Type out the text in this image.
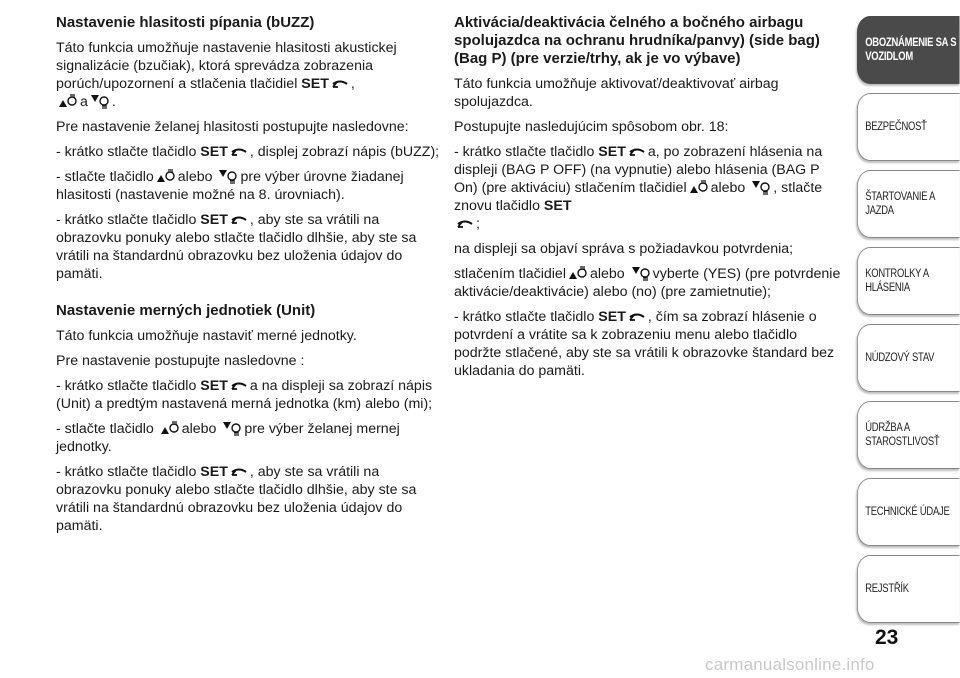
Nastavenie hlasitosti pípania (bUZZ)
Táto funkcia umožňuje nastavenie hlasitosti akustickej signalizácie (bzučiak), ktorá sprevádza zobrazenia porúch/upozornení a stlačenia tlačidiel SET ,

a .
Pre nastavenie želanej hlasitosti postupujte nasledovne:
- krátko stlačte tlačidlo SET , displej zobrazí nápis (bUZZ);
- stlačte tlačidlo alebo pre výber úrovne žiadanej hlasitosti (nastavenie možné na 8. úrovniach).
- krátko stlačte tlačidlo SET , aby ste sa vrátili na obrazovku ponuky alebo stlačte tlačidlo dlhšie, aby ste sa vrátili na štandardnú obrazovku bez uloženia údajov do pamäti.
Nastavenie merných jednotiek (Unit)
Táto funkcia umožňuje nastaviť merné jednotky.
Pre nastavenie postupujte nasledovne :
- krátko stlačte tlačidlo SET a na displeji sa zobrazí nápis (Unit) a predtým nastavená merná jednotka (km) alebo (mi);
- stlačte tlačidlo
alebo pre výber želanej mernej jednotky.
- krátko stlačte tlačidlo SET , aby ste sa vrátili na obrazovku ponuky alebo stlačte tlačidlo dlhšie, aby ste sa vrátili na štandardnú obrazovku bez uloženia údajov do pamäti.
Aktivácia/deaktivácia čelného a bočného airbagu spolujazdca na ochranu hrudníka/panvy) (side bag) (Bag P) (pre verzie/trhy, ak je vo výbave)
Táto funkcia umožňuje aktivovať/deaktivovať airbag spolujazdca.
Postupujte nasledujúcim spôsobom obr. 18:
- krátko stlačte tlačidlo SET a, po zobrazení hlásenia na displeji (BAG P OFF) (na vypnutie) alebo hlásenia (BAG P On) (pre aktiváciu) stlačením tlačidiel alebo , stlačte znovu tlačidlo SET

;
na displeji sa objaví správa s požiadavkou potvrdenia;
stlačením tlačidiel alebo vyberte (YES) (pre potvrdenie aktivácie/deaktivácie) alebo (no) (pre zamietnutie);
- krátko stlačte tlačidlo SET , čím sa zobrazí hlásenie o potvrdení a vrátite sa k zobrazeniu menu alebo tlačidlo podržte stlačené, aby ste sa vrátili k obrazovke štandard bez ukladania do pamäti.
OBOZNÁMENIE SA S VOZIDLOM
BEZPEČNOSŤ
ŠTARTOVANIE A JAZDA
KONTROLKY A HLÁSENIA
NÚDZOVÝ STAV
ÚDRŽBA A STAROSTLIVOSŤ
TECHNICKÉ ÚDAJE
REJSTŘÍK
23
carmanualsonline.info
